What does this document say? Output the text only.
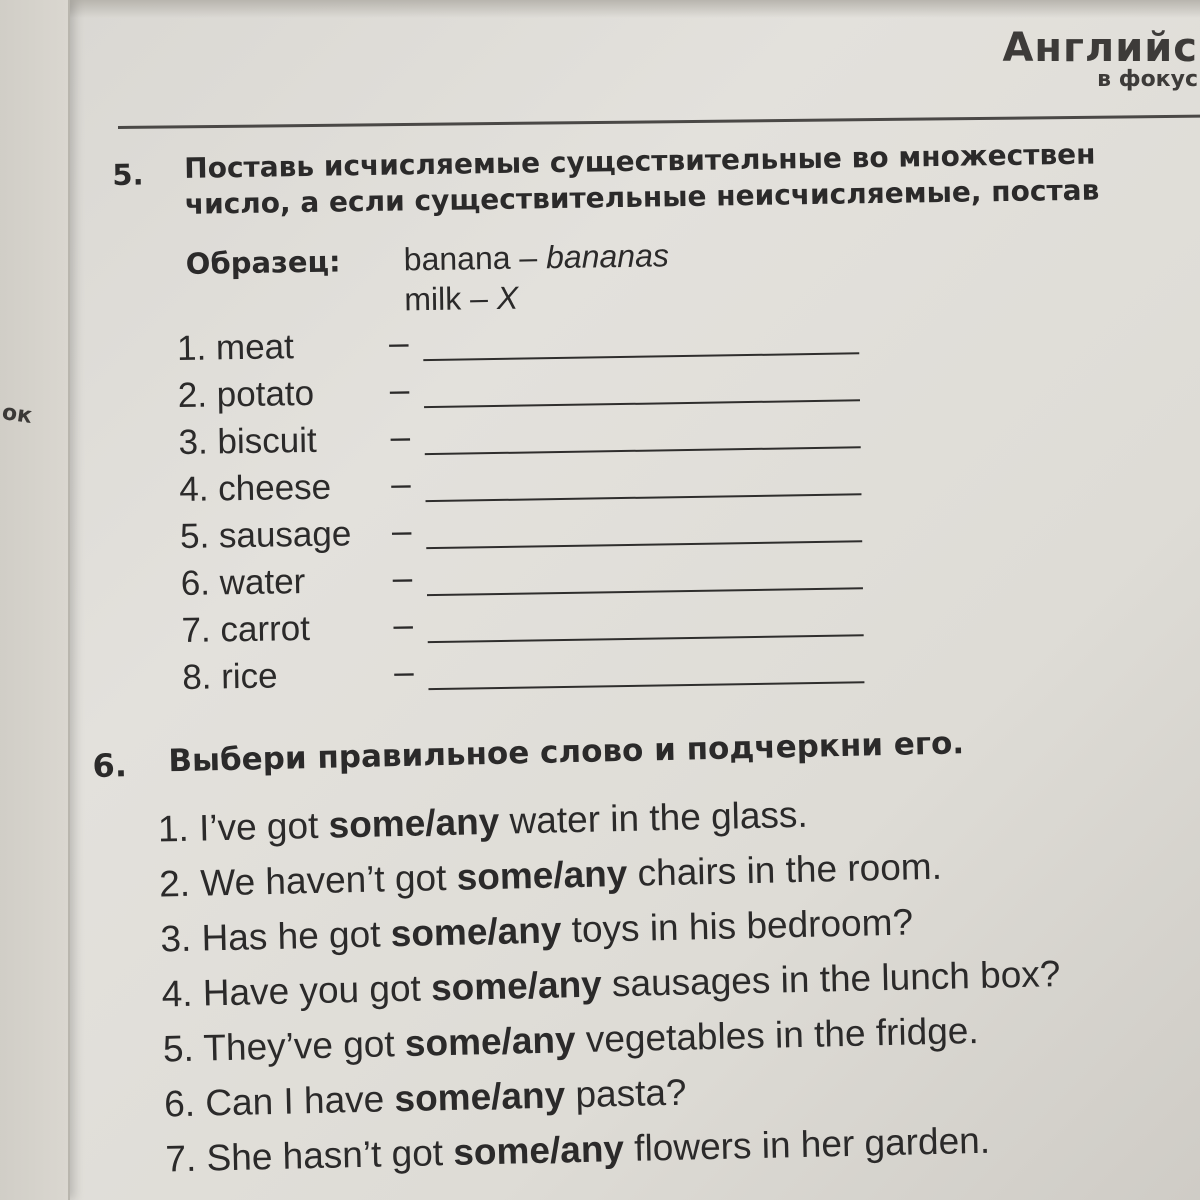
ок
Английс
в фокус
5. Поставь исчисляемые существительные во множествен
число, а если существительные неисчисляемые, постав
Образец: banana – bananas
milk – X
1. meat	–
2. potato –
3. biscuit –
4. cheese –
5. sausage –
6. water –
7. carrot –
8. rice	–
6. Выбери правильное слово и подчеркни его.
1. I’ve got some/any water in the glass.
2. We haven’t got some/any chairs in the room.
3. Has he got some/any toys in his bedroom?
4. Have you got some/any sausages in the lunch box?
5. They’ve got some/any vegetables in the fridge.
6. Can I have some/any pasta?
7. She hasn’t got some/any flowers in her garden.
